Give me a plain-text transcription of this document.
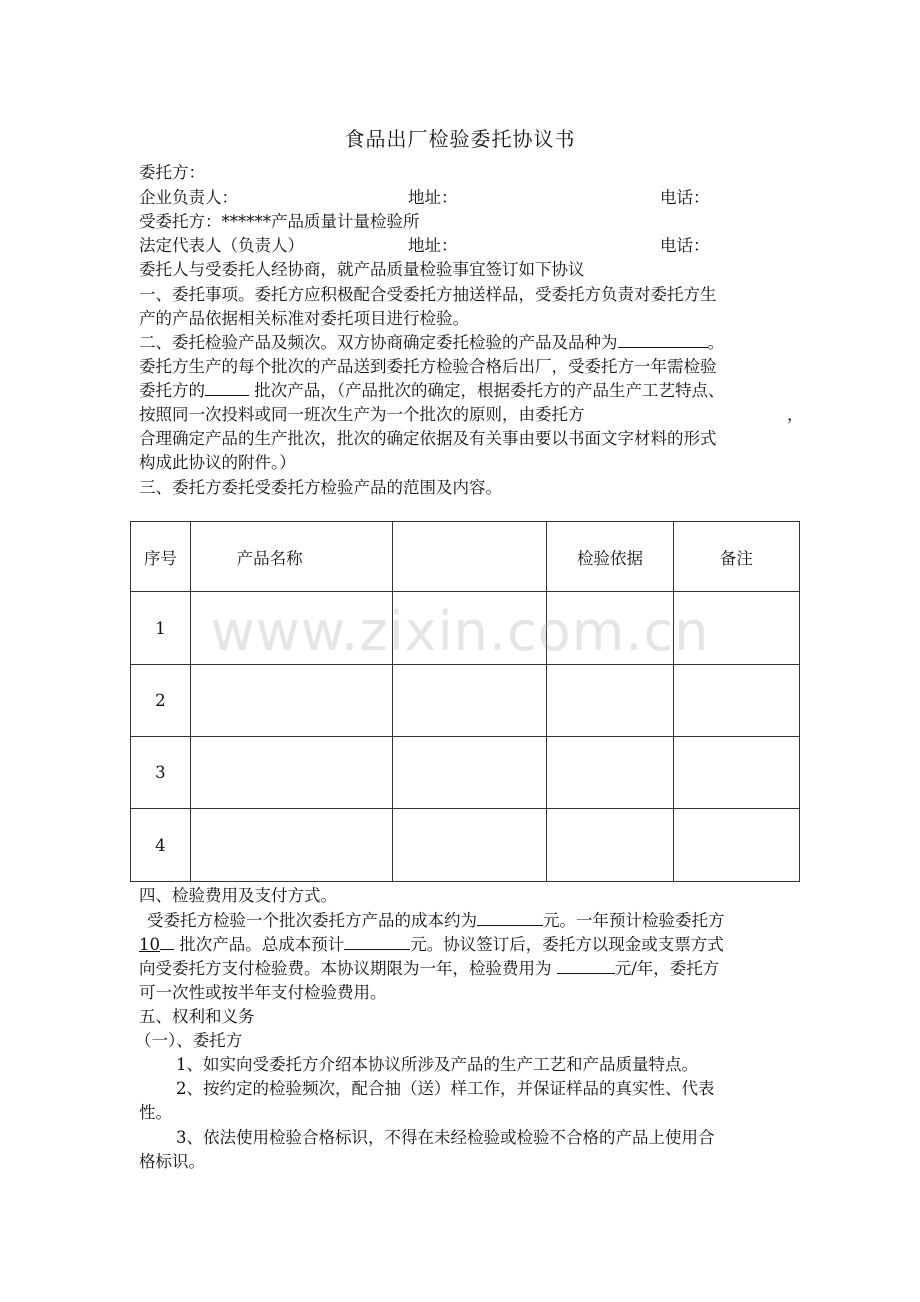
食品出厂检验委托协议书
委托方：
企业负责人：	地址：	电话：
受委托方：******产品质量计量检验所
法定代表人（负责人）	地址：	电话：
委托人与受委托人经协商，就产品质量检验事宜签订如下协议
一、委托事项。委托方应积极配合受委托方抽送样品，受委托方负责对委托方生
产的产品依据相关标准对委托项目进行检验。
二、委托检验产品及频次。双方协商确定委托检验的产品及品种为	。
委托方生产的每个批次的产品送到委托方检验合格后出厂，受委托方一年需检验
委托方的	批次产品，（产品批次的确定，根据委托方的产品生产工艺特点、
按照同一次投料或同一班次生产为一个批次的原则，由委托方	，
合理确定产品的生产批次，批次的确定依据及有关事由要以书面文字材料的形式
构成此协议的附件。）
三、委托方委托受委托方检验产品的范围及内容。
序号	产品名称		检验依据	备注
1				
2				
3				
4				
四、检验费用及支付方式。
受委托方检验一个批次委托方产品的成本约为	元。一年预计检验委托方
10 批次产品。总成本预计	元。协议签订后，委托方以现金或支票方式
向受委托方支付检验费。本协议期限为一年，检验费用为	元/年，委托方
可一次性或按半年支付检验费用。
五、权利和义务
（一）、委托方
1、如实向受委托方介绍本协议所涉及产品的生产工艺和产品质量特点。
2、按约定的检验频次，配合抽（送）样工作，并保证样品的真实性、代表
性。
3、依法使用检验合格标识，不得在未经检验或检验不合格的产品上使用合
格标识。
www.zixin.com.cn
